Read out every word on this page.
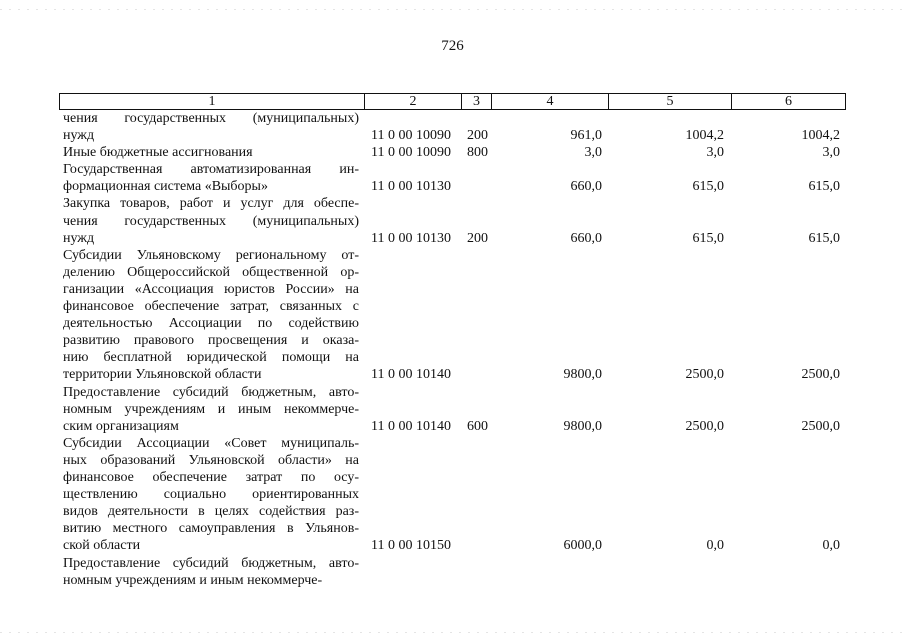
726
1	2	3	4	5	6
чения государственных (муниципальных)
нужд	11 0 00 10090 200	961,0	1004,2	1004,2
Иные бюджетные ассигнования	11 0 00 10090 800	3,0	3,0	3,0
Государственная автоматизированная ин-
формационная система «Выборы»	11 0 00 10130	660,0	615,0	615,0
Закупка товаров, работ и услуг для обеспе-
чения государственных (муниципальных)
нужд	11 0 00 10130 200	660,0	615,0	615,0
Субсидии Ульяновскому региональному от-
делению Общероссийской общественной ор-
ганизации «Ассоциация юристов России» на
финансовое обеспечение затрат, связанных с
деятельностью Ассоциации по содействию
развитию правового просвещения и оказа-
нию бесплатной юридической помощи на
территории Ульяновской области	11 0 00 10140	9800,0	2500,0	2500,0
Предоставление субсидий бюджетным, авто-
номным учреждениям и иным некоммерче-
ским организациям	11 0 00 10140 600	9800,0	2500,0	2500,0
Субсидии Ассоциации «Совет муниципаль-
ных образований Ульяновской области» на
финансовое обеспечение затрат по осу-
ществлению социально ориентированных
видов деятельности в целях содействия раз-
витию местного самоуправления в Ульянов-
ской области	11 0 00 10150	6000,0	0,0	0,0
Предоставление субсидий бюджетным, авто-
номным учреждениям и иным некоммерче-
